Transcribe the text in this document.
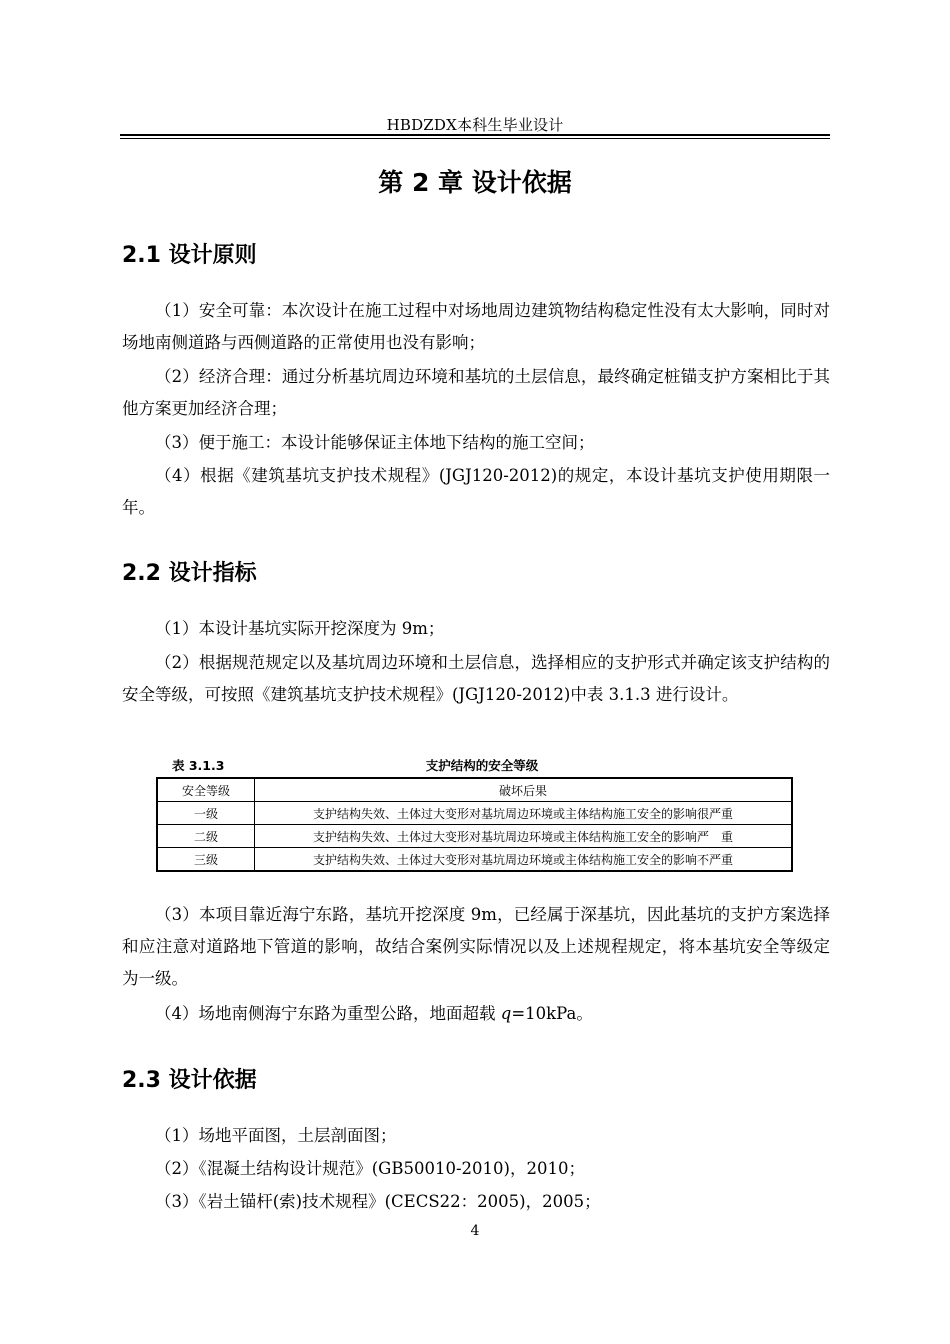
HBDZDX本科生毕业设计
第 2 章 设计依据
2.1 设计原则

（1）安全可靠：本次设计在施工过程中对场地周边建筑物结构稳定性没有太大影响，同时对场地南侧道路与西侧道路的正常使用也没有影响；

（2）经济合理：通过分析基坑周边环境和基坑的土层信息，最终确定桩锚支护方案相比于其他方案更加经济合理；

（3）便于施工：本设计能够保证主体地下结构的施工空间；

（4）根据《建筑基坑支护技术规程》(JGJ120-2012)的规定，本设计基坑支护使用期限一年。

2.2 设计指标

（1）本设计基坑实际开挖深度为 9m；

（2）根据规范规定以及基坑周边环境和土层信息，选择相应的支护形式并确定该支护结构的安全等级，可按照《建筑基坑支护技术规程》(JGJ120-2012)中表 3.1.3 进行设计。

表 3.1.3	支护结构的安全等级
安全等级	破坏后果
一级	支护结构失效、土体过大变形对基坑周边环境或主体结构施工安全的影响很严重
二级	支护结构失效、土体过大变形对基坑周边环境或主体结构施工安全的影响严　重
三级	支护结构失效、土体过大变形对基坑周边环境或主体结构施工安全的影响不严重

（3）本项目靠近海宁东路，基坑开挖深度 9m，已经属于深基坑，因此基坑的支护方案选择和应注意对道路地下管道的影响，故结合案例实际情况以及上述规程规定，将本基坑安全等级定为一级。

（4）场地南侧海宁东路为重型公路，地面超载 q=10kPa。

2.3 设计依据

（1）场地平面图，土层剖面图；

（2）《混凝土结构设计规范》(GB50010-2010)，2010；

（3）《岩土锚杆(索)技术规程》(CECS22：2005)，2005；

4
